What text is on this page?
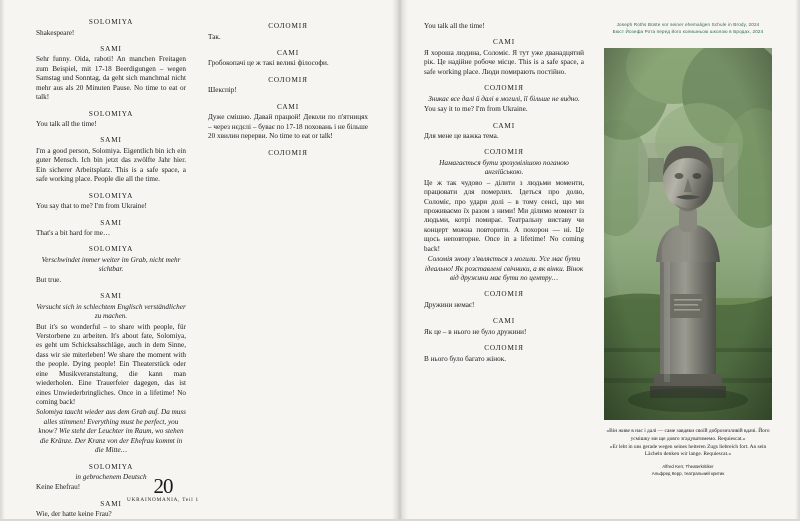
SOLOMIYA
Shakespeare!
SAMI
Sehr funny. Oida, raboti! An manchen Freitagen zum Beispiel, mit 17-18 Beerdigungen – wegen Samstag und Sonntag, da geht sich manchmal nicht mehr aus als 20 Minuten Pause. No time to eat or talk!
SOLOMIYA
You talk all the time!
SAMI
I'm a good person, Solomiya. Eigentlich bin ich ein guter Mensch. Ich bin jetzt das zwölfte Jahr hier. Ein sicherer Arbeitsplatz. This is a safe space, a safe working place. People die all the time.
SOLOMIYA
You say that to me? I'm from Ukraine!
SAMI
That's a bit hard for me…
SOLOMIYA
Verschwindet immer weiter im Grab, nicht mehr sichtbar.
But true.
SAMI
Versucht sich in schlechtem Englisch verständlicher zu machen.
But it's so wonderful – to share with people, für Verstorbene zu arbeiten. It's about fate, Solomiya, es geht um Schicksalsschläge, auch in dem Sinne, dass wir sie miterleben! We share the moment with the people. Dying people! Ein Theaterstück oder eine Musikveranstaltung, die kann man wiederholen. Eine Trauerfeier dagegen, das ist eines Unwiederbringliches. Once in a lifetime! No coming back!
Solomiya taucht wieder aus dem Grab auf. Da muss alles stimmen! Everything must be perfect, you know? Wie steht der Leuchter im Raum, wo stehen die Kränze. Der Kranz von der Ehefrau kommt in die Mitte…
SOLOMIYA
in gebrochenem Deutsch
Keine Ehefrau!
SAMI
Wie, der hatte keine Frau?
СОЛОМІЯ
Так.
САМІ
Гробокопачі це ж такі великі філософи.
СОЛОМІЯ
Шекспір!
САМІ
Дуже смішно. Давай працюй! Деколи по п'ятницях – через нєдєлі – буває по 17-18 поховань і не більше 20 хвилин перерви. No time to eat or talk!
СОЛОМІЯ
You talk all the time!
САМІ
Я хороша людина, Соломіє. Я тут уже дванадцятий рік. Це надійне робоче місце. This is a safe space, a safe working place. Люди помирають постійно.
СОЛОМІЯ
Зникає все далі й далі в могилі, її більше не видно.
You say it to me? I'm from Ukraine.
САМІ
Для мене це важка тема.
СОЛОМІЯ
Намагається бути зрозумілішою поганою англійською.
Це ж так чудово – ділити з людьми моменти, працювати для померлих. Ідеться про долю, Соломіє, про удари долі – в тому сенсі, що ми проживаємо їх разом з ними! Ми ділимо момент із людьми, котрі помирає. Театральну виставу чи концерт можна повторити. А похорон — ні. Це щось неповторне. Once in a lifetime! No coming back!
Соломія знову з'являється з могили. Усе має бути ідеально! Як розставлені свічники, а як вінки. Вінок від дружини має бути по центру…
СОЛОМІЯ
Дружини немає!
САМІ
Як це – в нього не було дружини!
СОЛОМІЯ
В нього було багато жінок.
20
UKRAINOMANIA, Teil 1
Joseph Roths Büste vor seiner ehemaligen Schule in Brody, 2024
Бюст Йозефа Рота перед його колишньою школою в Бродах, 2024
«Він живе в нас і далі — саме завдяки своїй доброзичливій вдачі. Його усмішку ми ще довго згадуватимемо. Requiescat.»
»Er lebt in uns gerade wegen seines heiteren Zugs liebreich fort. An sein Lächeln denken wir lange. Requiescat.«
Alfred Kerr, Theaterkritiker
Альфред Керр, театральний критик
